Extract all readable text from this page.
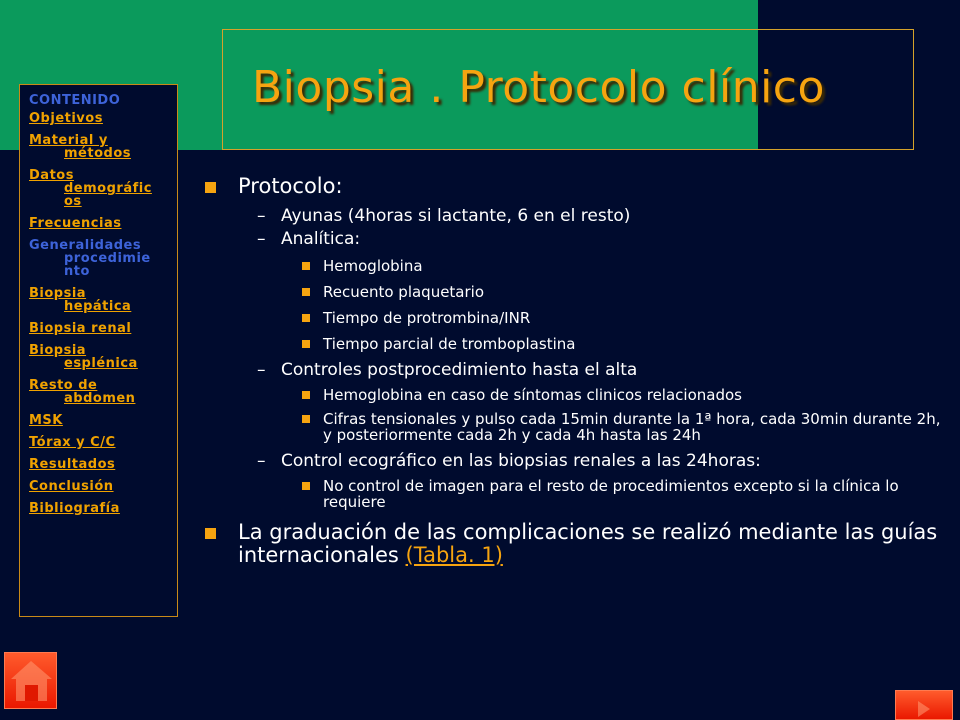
Biopsia . Protocolo clínico
CONTENIDO
Objetivos
Material y
métodos
Datos
demográfic
os
Frecuencias
Generalidades
procedimie
nto
Biopsia
hepática
Biopsia renal
Biopsia
esplénica
Resto de
abdomen
MSK
Tórax y C/C
Resultados
Conclusión
Bibliografía
Protocolo:
– Ayunas (4horas si lactante, 6 en el resto)
– Analítica:
Hemoglobina
Recuento plaquetario
Tiempo de protrombina/INR
Tiempo parcial de tromboplastina
– Controles postprocedimiento hasta el alta
Hemoglobina en caso de síntomas clinicos relacionados
Cifras tensionales y pulso cada 15min durante la 1ª hora, cada 30min durante 2h, y posteriormente cada 2h y cada 4h hasta las 24h
– Control ecográfico en las biopsias renales a las 24horas:
No control de imagen para el resto de procedimientos excepto si la clínica lo requiere
La graduación de las complicaciones se realizó mediante las guías internacionales (Tabla. 1)
